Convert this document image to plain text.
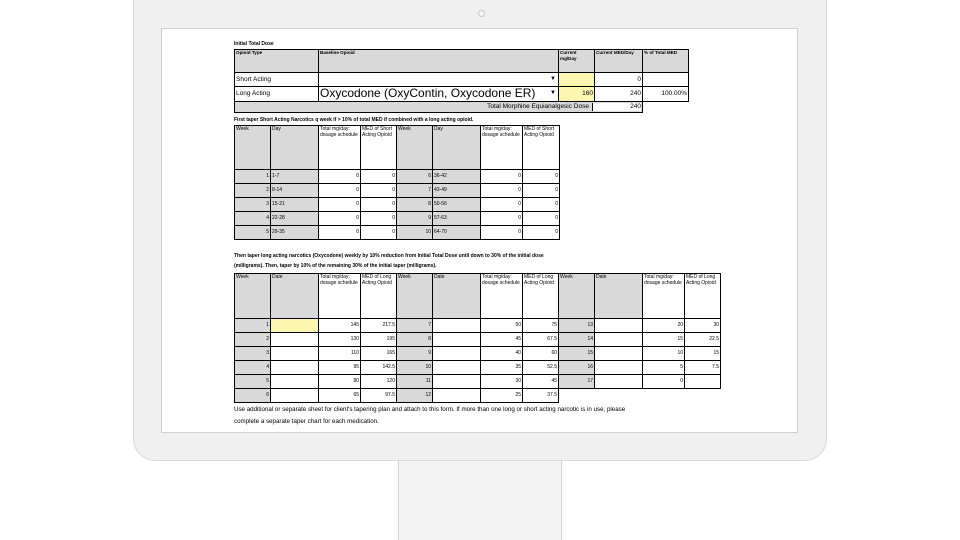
Initial Total Dose
Opioid Type	Baseline Opioid	Current mg/Day	Current MED/Day	% of Total MED
Short Acting	▼		0	
Long Acting	Oxycodone (OxyContin, Oxycodone ER) ▼	160	240	100.00%
Total Morphine Equianalgesic Dose 240				
First taper Short Acting Narcotics q week if > 10% of total MED if combined with a long acting opioid.
Week	Day	Total mg/day: dosage schedule	MED of Short Acting Opioid	Week	Day	Total mg/day: dosage schedule	MED of Short Acting Opioid
1	1-7	0	0	6	36-42	0	0
2	8-14	0	0	7	43-49	0	0
3	15-21	0	0	8	50-56	0	0
4	22-28	0	0	9	57-63	0	0
5	29-35	0	0	10	64-70	0	0
Then taper long acting narcotics (Oxycodone) weekly by 10% reduction from Initial Total Dose until down to 30% of the initial dose
(milligrams). Then, taper by 10% of the remaining 30% of the initial taper (milligrams).
Week	Date	Total mg/day: dosage schedule	MED of Long Acting Opioid	Week	Date	Total mg/day: dosage schedule	MED of Long Acting Opioid	Week	Date	Total mg/day: dosage schedule	MED of Long Acting Opioid
1		145	217.5	7		50	75	13		20	30
2		130	195	8		45	67.5	14		15	22.5
3		110	165	9		40	60	15		10	15
4		95	142.5	10		35	52.5	16		5	7.5
5		80	120	11		30	45	17		0	
6		65	97.5	12		25	37.5				
Use additional or separate sheet for client's tapering plan and attach to this form. If more than one long or short acting narcotic is in use, please
complete a separate taper chart for each medication.
